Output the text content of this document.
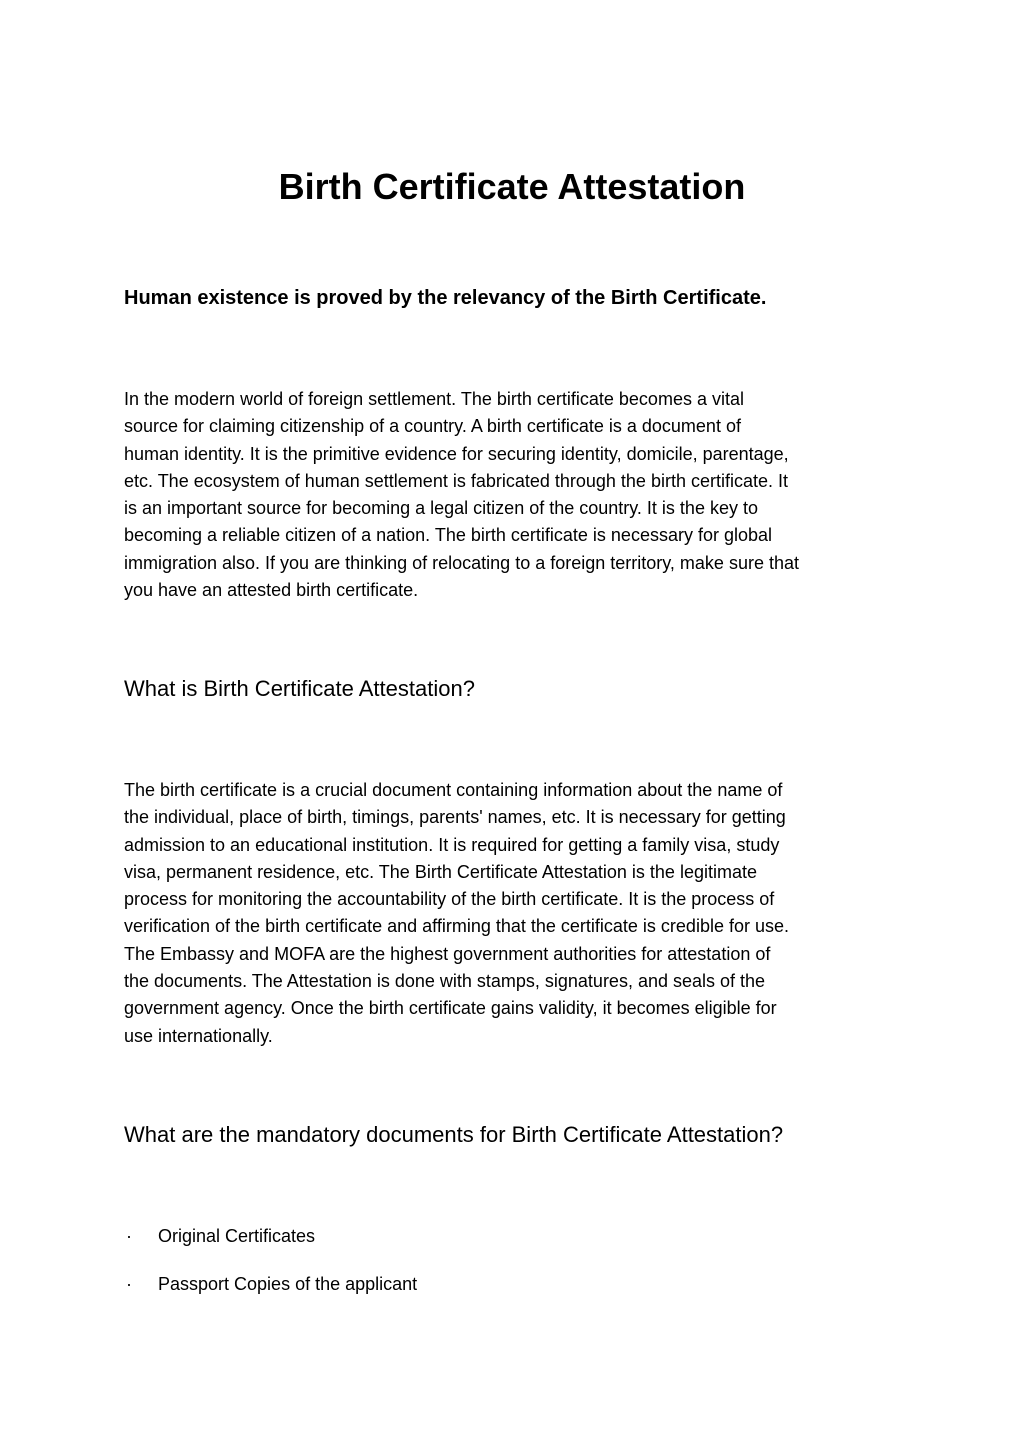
Birth Certificate Attestation

Human existence is proved by the relevancy of the Birth Certificate.

In the modern world of foreign settlement. The birth certificate becomes a vital
source for claiming citizenship of a country. A birth certificate is a document of
human identity. It is the primitive evidence for securing identity, domicile, parentage,
etc. The ecosystem of human settlement is fabricated through the birth certificate. It
is an important source for becoming a legal citizen of the country. It is the key to
becoming a reliable citizen of a nation. The birth certificate is necessary for global
immigration also. If you are thinking of relocating to a foreign territory, make sure that
you have an attested birth certificate.

What is Birth Certificate Attestation?

The birth certificate is a crucial document containing information about the name of
the individual, place of birth, timings, parents' names, etc. It is necessary for getting
admission to an educational institution. It is required for getting a family visa, study
visa, permanent residence, etc. The Birth Certificate Attestation is the legitimate
process for monitoring the accountability of the birth certificate. It is the process of
verification of the birth certificate and affirming that the certificate is credible for use.
The Embassy and MOFA are the highest government authorities for attestation of
the documents. The Attestation is done with stamps, signatures, and seals of the
government agency. Once the birth certificate gains validity, it becomes eligible for
use internationally.

What are the mandatory documents for Birth Certificate Attestation?
· Original Certificates
· Passport Copies of the applicant
